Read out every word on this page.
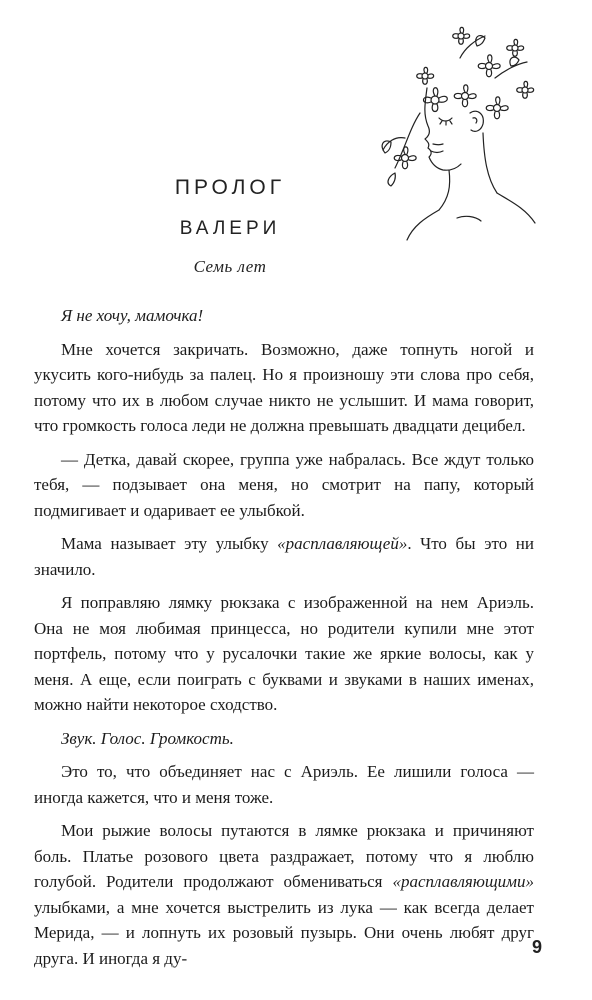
ПРОЛОГ
ВАЛЕРИ
Семь лет

Я не хочу, мамочка!

Мне хочется закричать. Возможно, даже топнуть ногой и укусить кого-нибудь за палец. Но я произношу эти слова про себя, потому что их в любом случае никто не услышит. И мама говорит, что громкость голоса леди не должна превышать двадцати децибел.

— Детка, давай скорее, группа уже набралась. Все ждут только тебя, — подзывает она меня, но смотрит на папу, который подмигивает и одаривает ее улыбкой.

Мама называет эту улыбку «расплавляющей». Что бы это ни значило.

Я поправляю лямку рюкзака с изображенной на нем Ариэль. Она не моя любимая принцесса, но родители купили мне этот портфель, потому что у русалочки такие же яркие волосы, как у меня. А еще, если поиграть с буквами и звуками в наших именах, можно найти некоторое сходство.

Звук. Голос. Громкость.

Это то, что объединяет нас с Ариэль. Ее лишили голоса — иногда кажется, что и меня тоже.

Мои рыжие волосы путаются в лямке рюкзака и причиняют боль. Платье розового цвета раздражает, потому что я люблю голубой. Родители продолжают обмениваться «расплавляющими» улыбками, а мне хочется выстрелить из лука — как всегда делает Мерида, — и лопнуть их розовый пузырь. Они очень любят друг друга. И иногда я ду-

9
